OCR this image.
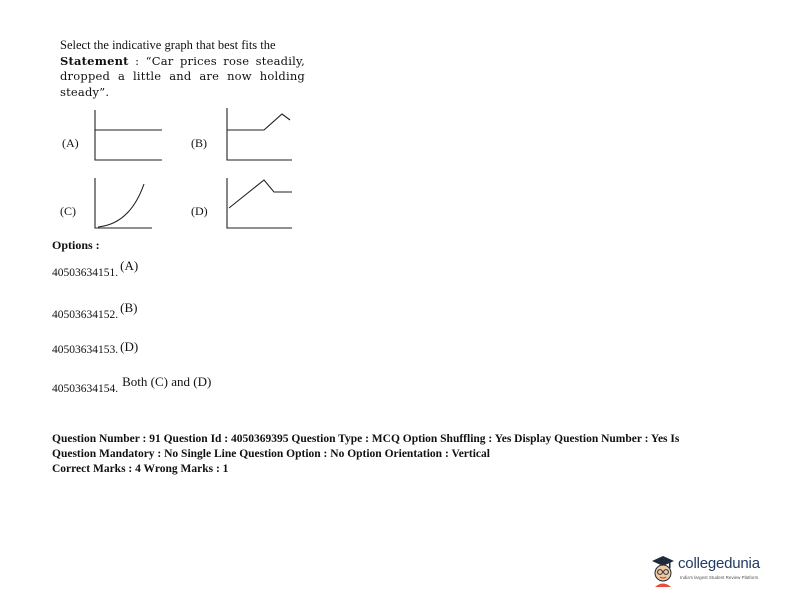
Select the indicative graph that best fits the
Statement : “Car prices rose steadily, dropped a little and are now holding steady”.
(A)	(B)
(C)	(D)
Options :
40503634151. (A)
40503634152. (B)
40503634153. (D)
40503634154. Both (C) and (D)
Question Number : 91 Question Id : 4050369395 Question Type : MCQ Option Shuffling : Yes Display Question Number : Yes Is
Question Mandatory : No Single Line Question Option : No Option Orientation : Vertical
Correct Marks : 4 Wrong Marks : 1
collegedunia
India's largest Student Review Platform
